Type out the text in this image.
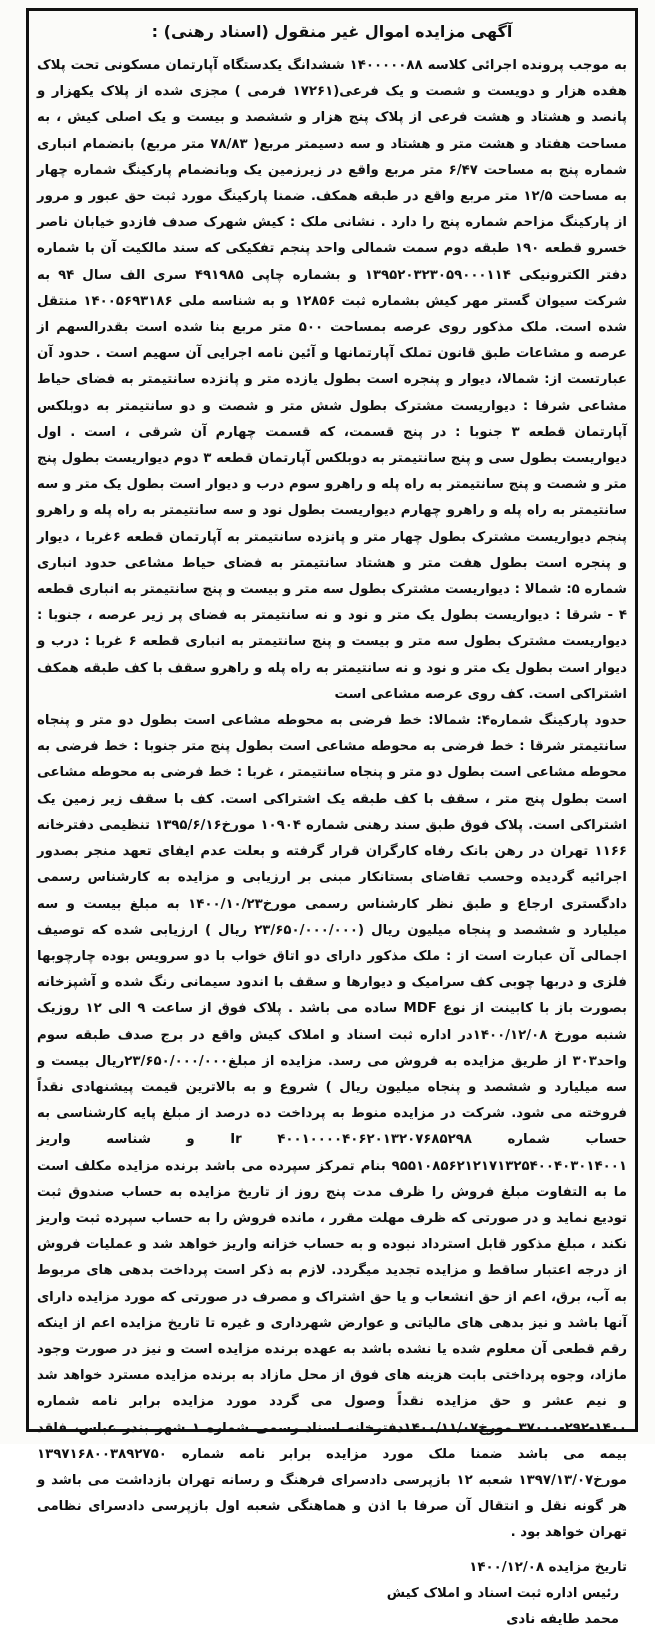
آگهی مزایده اموال غیر منقول (اسناد رهنی) :

به موجب پرونده اجرائی کلاسه ۱۴۰۰۰۰۰۸۸ ششدانگ یکدستگاه آپارتمان مسکونی تحت پلاک هفده هزار و دویست و شصت و یک فرعی(۱۷۲۶۱ فرمی ) مجزی شده از پلاک یکهزار و پانصد و هشتاد و هشت فرعی از پلاک پنج هزار و ششصد و بیست و یک اصلی کیش ، به مساحت هفتاد و هشت متر و هشتاد و سه دسیمتر مربع( ۷۸/۸۳ متر مربع) بانضمام انباری شماره پنج به مساحت ۶/۴۷ متر مربع واقع در زیرزمین یک وبانضمام پارکینگ شماره چهار به مساحت ۱۲/۵ متر مربع واقع در طبقه همکف. ضمنا پارکینگ مورد ثبت حق عبور و مرور از پارکینگ مزاحم شماره پنج را دارد . نشانی ملک : کیش شهرک صدف فازدو خیابان ناصر خسرو قطعه ۱۹۰ طبقه دوم سمت شمالی واحد پنجم تفکیکی که سند مالکیت آن با شماره دفتر الکترونیکی ۱۳۹۵۲۰۳۲۳۰۵۹۰۰۰۱۱۴ و بشماره چاپی ۴۹۱۹۸۵ سری الف سال ۹۴ به شرکت سیوان گستر مهر کیش بشماره ثبت ۱۲۸۵۶ و به شناسه ملی ۱۴۰۰۵۶۹۳۱۸۶ منتقل شده است. ملک مذکور روی عرصه بمساحت ۵۰۰ متر مربع بنا شده است بقدرالسهم از عرصه و مشاعات طبق قانون تملک آپارتمانها و آئین نامه اجرایی آن سهیم است . حدود آن عبارتست از: شمالا، دیوار و پنجره است بطول یازده متر و پانزده سانتیمتر به فضای حیاط مشاعی شرفا : دیواریست مشترک بطول شش متر و شصت و دو سانتیمتر به دوبلکس آپارتمان قطعه ۳ جنوبا : در پنج قسمت، که قسمت چهارم آن شرقی ، است . اول دیواریست بطول سی و پنج سانتیمتر به دوبلکس آپارتمان قطعه ۳ دوم دیواریست بطول پنج متر و شصت و پنج سانتیمتر به راه پله و راهرو سوم درب و دیوار است بطول یک متر و سه سانتیمتر به راه پله و راهرو چهارم دیواریست بطول نود و سه سانتیمتر به راه پله و راهرو پنجم دیواریست مشترک بطول چهار متر و پانزده سانتیمتر به آپارتمان قطعه ۶غربا ، دیوار و پنجره است بطول هفت متر و هشتاد سانتیمتر به فضای حیاط مشاعی حدود انباری شماره ۵: شمالا : دیواریست مشترک بطول سه متر و بیست و پنج سانتیمتر به انباری قطعه ۴ - شرقا : دیواریست بطول یک متر و نود و نه سانتیمتر به فضای پر زیر عرصه ، جنوبا : دیواریست مشترک بطول سه متر و بیست و پنج سانتیمتر به انباری قطعه ۶ غربا : درب و دیوار است بطول یک متر و نود و نه سانتیمتر به راه پله و راهرو سقف با کف طبقه همکف اشتراکی است. کف روی عرصه مشاعی است

حدود پارکینگ شماره۴: شمالا: خط فرضی به محوطه مشاعی است بطول دو متر و پنجاه سانتیمتر شرقا : خط فرضی به محوطه مشاعی است بطول پنج متر جنوبا : خط فرضی به محوطه مشاعی است بطول دو متر و پنجاه سانتیمتر ، غربا : خط فرضی به محوطه مشاعی است بطول پنج متر ، سقف با کف طبقه یک اشتراکی است. کف با سقف زیر زمین یک اشتراکی است. پلاک فوق طبق سند رهنی شماره ۱۰۹۰۴ مورخ۱۳۹۵/۶/۱۶ تنظیمی دفترخانه ۱۱۶۶ تهران در رهن بانک رفاه کارگران قرار گرفته و بعلت عدم ایفای تعهد منجر بصدور اجرائیه گردیده وحسب تقاضای بستانکار مبنی بر ارزیابی و مزایده به کارشناس رسمی دادگستری ارجاع و طبق نظر کارشناس رسمی مورخ۱۴۰۰/۱۰/۲۳ به مبلغ بیست و سه میلیارد و ششصد و پنجاه میلیون ریال (۲۳/۶۵۰/۰۰۰/۰۰۰ ریال ) ارزیابی شده که توصیف اجمالی آن عبارت است از : ملک مذکور دارای دو اتاق خواب با دو سرویس بوده چارچوبها فلزی و دربها چوبی کف سرامیک و دیوارها و سقف با اندود سیمانی رنگ شده و آشپزخانه بصورت باز با کابینت از نوع MDF ساده می باشد . پلاک فوق از ساعت ۹ الی ۱۲ روزیک شنبه مورخ ۱۴۰۰/۱۲/۰۸در اداره ثبت اسناد و املاک کیش واقع در برج صدف طبقه سوم واحد۳۰۳ از طریق مزایده به فروش می رسد. مزایده از مبلغ۲۳/۶۵۰/۰۰۰/۰۰۰ریال بیست و سه میلیارد و ششصد و پنجاه میلیون ریال ) شروع و به بالاترین قیمت پیشنهادی نقداً فروخته می شود. شرکت در مزایده منوط به پرداخت ده درصد از مبلغ پایه کارشناسی به حساب شماره Ir ۴۰۰۱۰۰۰۰۴۰۶۲۰۱۳۲۰۷۶۸۵۲۹۸ و شناسه واریز ۹۵۵۱۰۸۵۶۲۱۲۱۷۱۳۲۵۴۰۰۴۰۳۰۱۴۰۰۱ بنام تمرکز سپرده می باشد برنده مزایده مکلف است ما به التفاوت مبلغ فروش را ظرف مدت پنج روز از تاریخ مزایده به حساب صندوق ثبت تودیع نماید و در صورتی که ظرف مهلت مقرر ، مانده فروش را به حساب سپرده ثبت واریز نکند ، مبلغ مذکور قابل استرداد نبوده و به حساب خزانه واریز خواهد شد و عملیات فروش از درجه اعتبار ساقط و مزایده تجدید میگردد. لازم به ذکر است پرداخت بدهی های مربوط به آب، برق، اعم از حق انشعاب و یا حق اشتراک و مصرف در صورتی که مورد مزایده دارای آنها باشد و نیز بدهی های مالیاتی و عوارض شهرداری و غیره تا تاریخ مزایده اعم از اینکه رقم قطعی آن معلوم شده یا نشده باشد به عهده برنده مزایده است و نیز در صورت وجود مازاد، وجوه پرداختی بابت هزینه های فوق از محل مازاد به برنده مزایده مسترد خواهد شد و نیم عشر و حق مزایده نقداً وصول می گردد مورد مزایده برابر نامه شماره ۱۴۰۰-۲۹۲-۳۷۰۰۰ مورخ۱۴۰۰/۱۱/۰۷دفترخانه اسناد رسمی شماره ۱ شهر بندر عباس، فاقد بیمه می باشد ضمنا ملک مورد مزایده برابر نامه شماره ۱۳۹۷۱۶۸۰۰۳۸۹۲۷۵۰ مورخ۱۳۹۷/۱۳/۰۷ شعبه ۱۲ بازپرسی دادسرای فرهنگ و رسانه تهران بازداشت می باشد و هر گونه نقل و انتقال آن صرفا با اذن و هماهنگی شعبه اول بازپرسی دادسرای نظامی تهران خواهد بود .

تاریخ مزایده ۱۴۰۰/۱۲/۰۸
رئیس اداره ثبت اسناد و املاک کیش
محمد طایفه نادی
